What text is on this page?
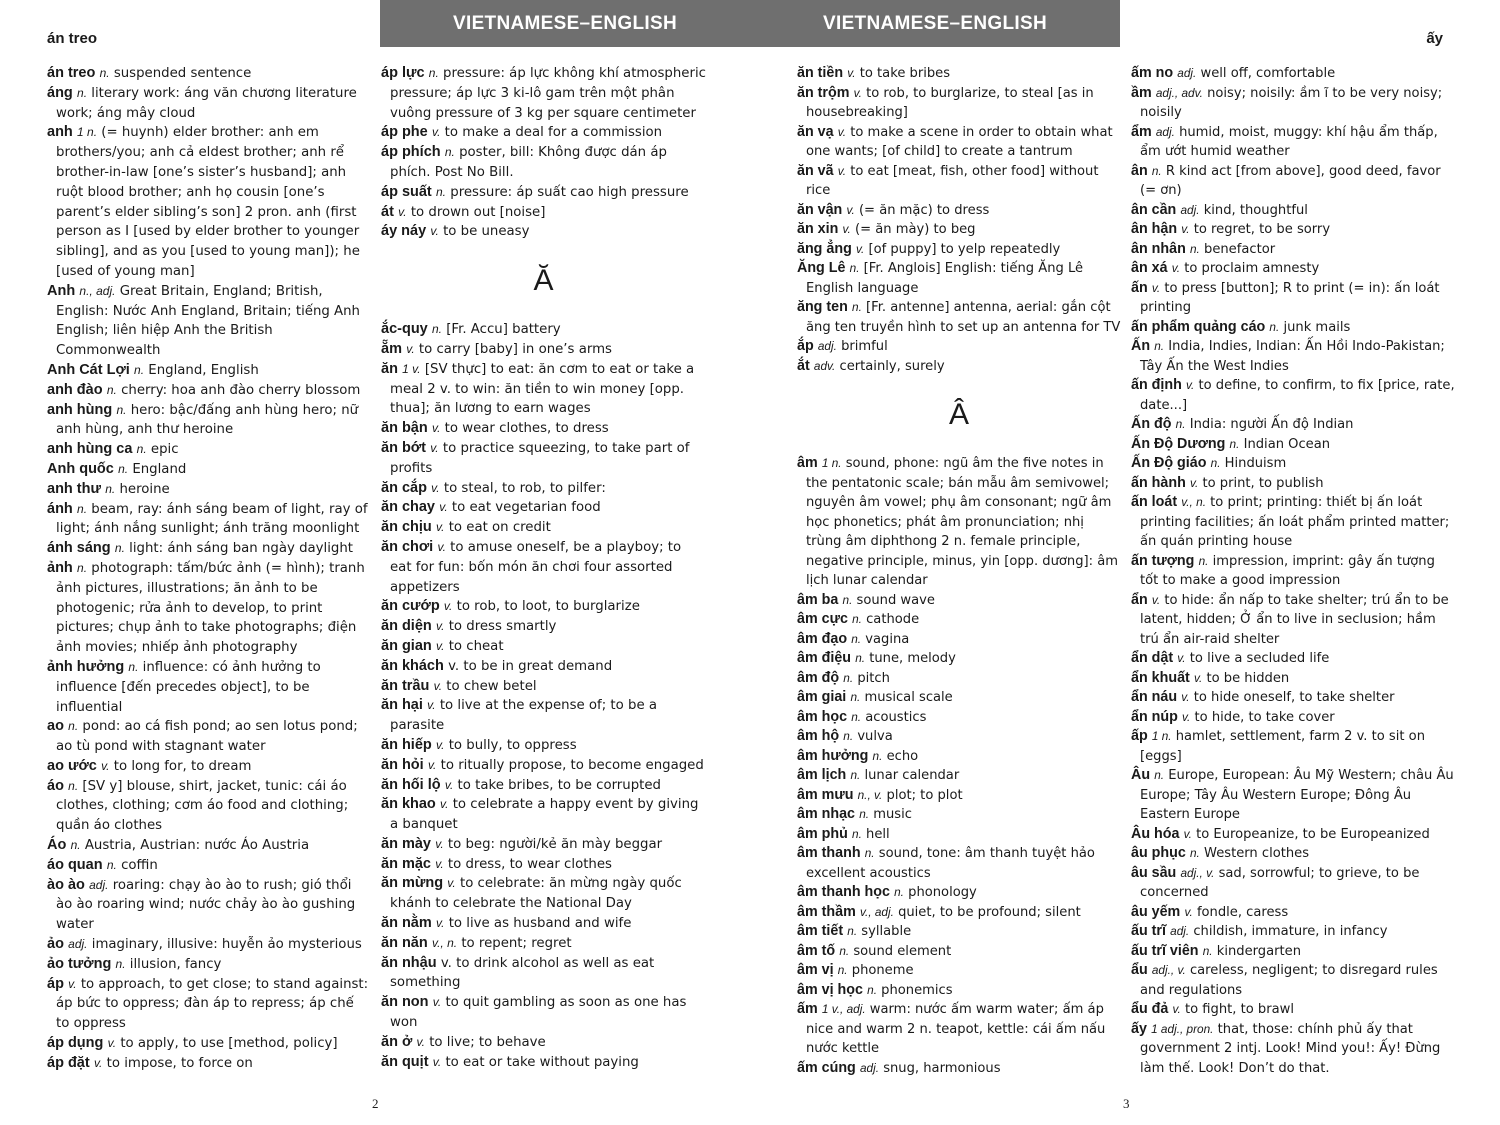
VIETNAMESE–ENGLISH
án treo
án treo n. suspended sentence
áng n. literary work: áng văn chương literature work; áng mây cloud
anh 1 n. (= huynh) elder brother: anh em brothers/you; anh cả eldest brother; anh rể brother-in-law [one’s sister’s husband]; anh ruột blood brother; anh họ cousin [one’s parent’s elder sibling’s son] 2 pron. anh (first person as I [used by elder brother to younger sibling], and as you [used to young man]); he [used of young man]
Anh n., adj. Great Britain, England; British, English: Nước Anh England, Britain; tiếng Anh English; liên hiệp Anh the British Commonwealth
Anh Cát Lợi n. England, English
anh đào n. cherry: hoa anh đào cherry blossom
anh hùng n. hero: bậc/đấng anh hùng hero; nữ anh hùng, anh thư heroine
anh hùng ca n. epic
Anh quốc n. England
anh thư n. heroine
ánh n. beam, ray: ánh sáng beam of light, ray of light; ánh nắng sunlight; ánh trăng moonlight
ánh sáng n. light: ánh sáng ban ngày daylight
ảnh n. photograph: tấm/bức ảnh (= hình); tranh ảnh pictures, illustrations; ăn ảnh to be photogenic; rửa ảnh to develop, to print pictures; chụp ảnh to take photographs; điện ảnh movies; nhiếp ảnh photography
ảnh hưởng n. influence: có ảnh hưởng to influence [đến precedes object], to be influential
ao n. pond: ao cá fish pond; ao sen lotus pond; ao tù pond with stagnant water
ao ước v. to long for, to dream
áo n. [SV y] blouse, shirt, jacket, tunic: cái áo clothes, clothing; cơm áo food and clothing; quần áo clothes
Áo n. Austria, Austrian: nước Áo Austria
áo quan n. coffin
ào ào adj. roaring: chạy ào ào to rush; gió thổi ào ào roaring wind; nước chảy ào ào gushing water
ảo adj. imaginary, illusive: huyễn ảo mysterious
ảo tưởng n. illusion, fancy
áp v. to approach, to get close; to stand against: áp bức to oppress; đàn áp to repress; áp chế to oppress
áp dụng v. to apply, to use [method, policy]
áp đặt v. to impose, to force on
áp lực n. pressure: áp lực không khí atmospheric pressure; áp lực 3 ki-lô gam trên một phân vuông pressure of 3 kg per square centimeter
áp phe v. to make a deal for a commission
áp phích n. poster, bill: Không được dán áp phích. Post No Bill.
áp suất n. pressure: áp suất cao high pressure
át v. to drown out [noise]
áy náy v. to be uneasy
Ă
ắc-quy n. [Fr. Accu] battery
ẵm v. to carry [baby] in one’s arms
ăn 1 v. [SV thực] to eat: ăn cơm to eat or take a meal 2 v. to win: ăn tiền to win money [opp. thua]; ăn lương to earn wages
ăn bận v. to wear clothes, to dress
ăn bớt v. to practice squeezing, to take part of profits
ăn cắp v. to steal, to rob, to pilfer:
ăn chay v. to eat vegetarian food
ăn chịu v. to eat on credit
ăn chơi v. to amuse oneself, be a playboy; to eat for fun: bốn món ăn chơi four assorted appetizers
ăn cướp v. to rob, to loot, to burglarize
ăn diện v. to dress smartly
ăn gian v. to cheat
ăn khách v. to be in great demand
ăn trầu v. to chew betel
ăn hại v. to live at the expense of; to be a parasite
ăn hiếp v. to bully, to oppress
ăn hỏi v. to ritually propose, to become engaged
ăn hối lộ v. to take bribes, to be corrupted
ăn khao v. to celebrate a happy event by giving a banquet
ăn mày v. to beg: người/kẻ ăn mày beggar
ăn mặc v. to dress, to wear clothes
ăn mừng v. to celebrate: ăn mừng ngày quốc khánh to celebrate the National Day
ăn nằm v. to live as husband and wife
ăn năn v., n. to repent; regret
ăn nhậu v. to drink alcohol as well as eat something
ăn non v. to quit gambling as soon as one has won
ăn ở v. to live; to behave
ăn quịt v. to eat or take without paying
2
VIETNAMESE–ENGLISH
ấy
ăn tiền v. to take bribes
ăn trộm v. to rob, to burglarize, to steal [as in housebreaking]
ăn vạ v. to make a scene in order to obtain what one wants; [of child] to create a tantrum
ăn vã v. to eat [meat, fish, other food] without rice
ăn vận v. (= ăn mặc) to dress
ăn xin v. (= ăn mày) to beg
ăng ẳng v. [of puppy] to yelp repeatedly
Ăng Lê n. [Fr. Anglois] English: tiếng Ăng Lê English language
ăng ten n. [Fr. antenne] antenna, aerial: gắn cột ăng ten truyền hình to set up an antenna for TV
ắp adj. brimful
ắt adv. certainly, surely
Â
âm 1 n. sound, phone: ngũ âm the five notes in the pentatonic scale; bán mẫu âm semivowel; nguyên âm vowel; phụ âm consonant; ngữ âm học phonetics; phát âm pronunciation; nhị trùng âm diphthong 2 n. female principle, negative principle, minus, yin [opp. dương]: âm lịch lunar calendar
âm ba n. sound wave
âm cực n. cathode
âm đạo n. vagina
âm điệu n. tune, melody
âm độ n. pitch
âm giai n. musical scale
âm học n. acoustics
âm hộ n. vulva
âm hưởng n. echo
âm lịch n. lunar calendar
âm mưu n., v. plot; to plot
âm nhạc n. music
âm phủ n. hell
âm thanh n. sound, tone: âm thanh tuyệt hảo excellent acoustics
âm thanh học n. phonology
âm thầm v., adj. quiet, to be profound; silent
âm tiết n. syllable
âm tố n. sound element
âm vị n. phoneme
âm vị học n. phonemics
ấm 1 v., adj. warm: nước ấm warm water; ấm áp nice and warm 2 n. teapot, kettle: cái ấm nấu nước kettle
ấm cúng adj. snug, harmonious
ấm no adj. well off, comfortable
ầm adj., adv. noisy; noisily: ầm ĩ to be very noisy; noisily
ẩm adj. humid, moist, muggy: khí hậu ẩm thấp, ẩm ướt humid weather
ân n. R kind act [from above], good deed, favor (= ơn)
ân cần adj. kind, thoughtful
ân hận v. to regret, to be sorry
ân nhân n. benefactor
ân xá v. to proclaim amnesty
ấn v. to press [button]; R to print (= in): ấn loát printing
ấn phẩm quảng cáo n. junk mails
Ấn n. India, Indies, Indian: Ấn Hồi Indo-Pakistan; Tây Ấn the West Indies
ấn định v. to define, to confirm, to fix [price, rate, date...]
Ấn độ n. India: người Ấn độ Indian
Ấn Độ Dương n. Indian Ocean
Ấn Độ giáo n. Hinduism
ấn hành v. to print, to publish
ấn loát v., n. to print; printing: thiết bị ấn loát printing facilities; ấn loát phẩm printed matter; ấn quán printing house
ấn tượng n. impression, imprint: gây ấn tượng tốt to make a good impression
ẩn v. to hide: ẩn nấp to take shelter; trú ẩn to be latent, hidden; Ở ẩn to live in seclusion; hầm trú ẩn air-raid shelter
ẩn dật v. to live a secluded life
ẩn khuất v. to be hidden
ẩn náu v. to hide oneself, to take shelter
ẩn núp v. to hide, to take cover
ấp 1 n. hamlet, settlement, farm 2 v. to sit on [eggs]
Âu n. Europe, European: Âu Mỹ Western; châu Âu Europe; Tây Âu Western Europe; Đông Âu Eastern Europe
Âu hóa v. to Europeanize, to be Europeanized
âu phục n. Western clothes
âu sầu adj., v. sad, sorrowful; to grieve, to be concerned
âu yếm v. fondle, caress
ấu trĩ adj. childish, immature, in infancy
ấu trĩ viên n. kindergarten
ẩu adj., v. careless, negligent; to disregard rules and regulations
ẩu đả v. to fight, to brawl
ấy 1 adj., pron. that, those: chính phủ ấy that government 2 intj. Look! Mind you!: Ấy! Đừng làm thế. Look! Don’t do that.
3
